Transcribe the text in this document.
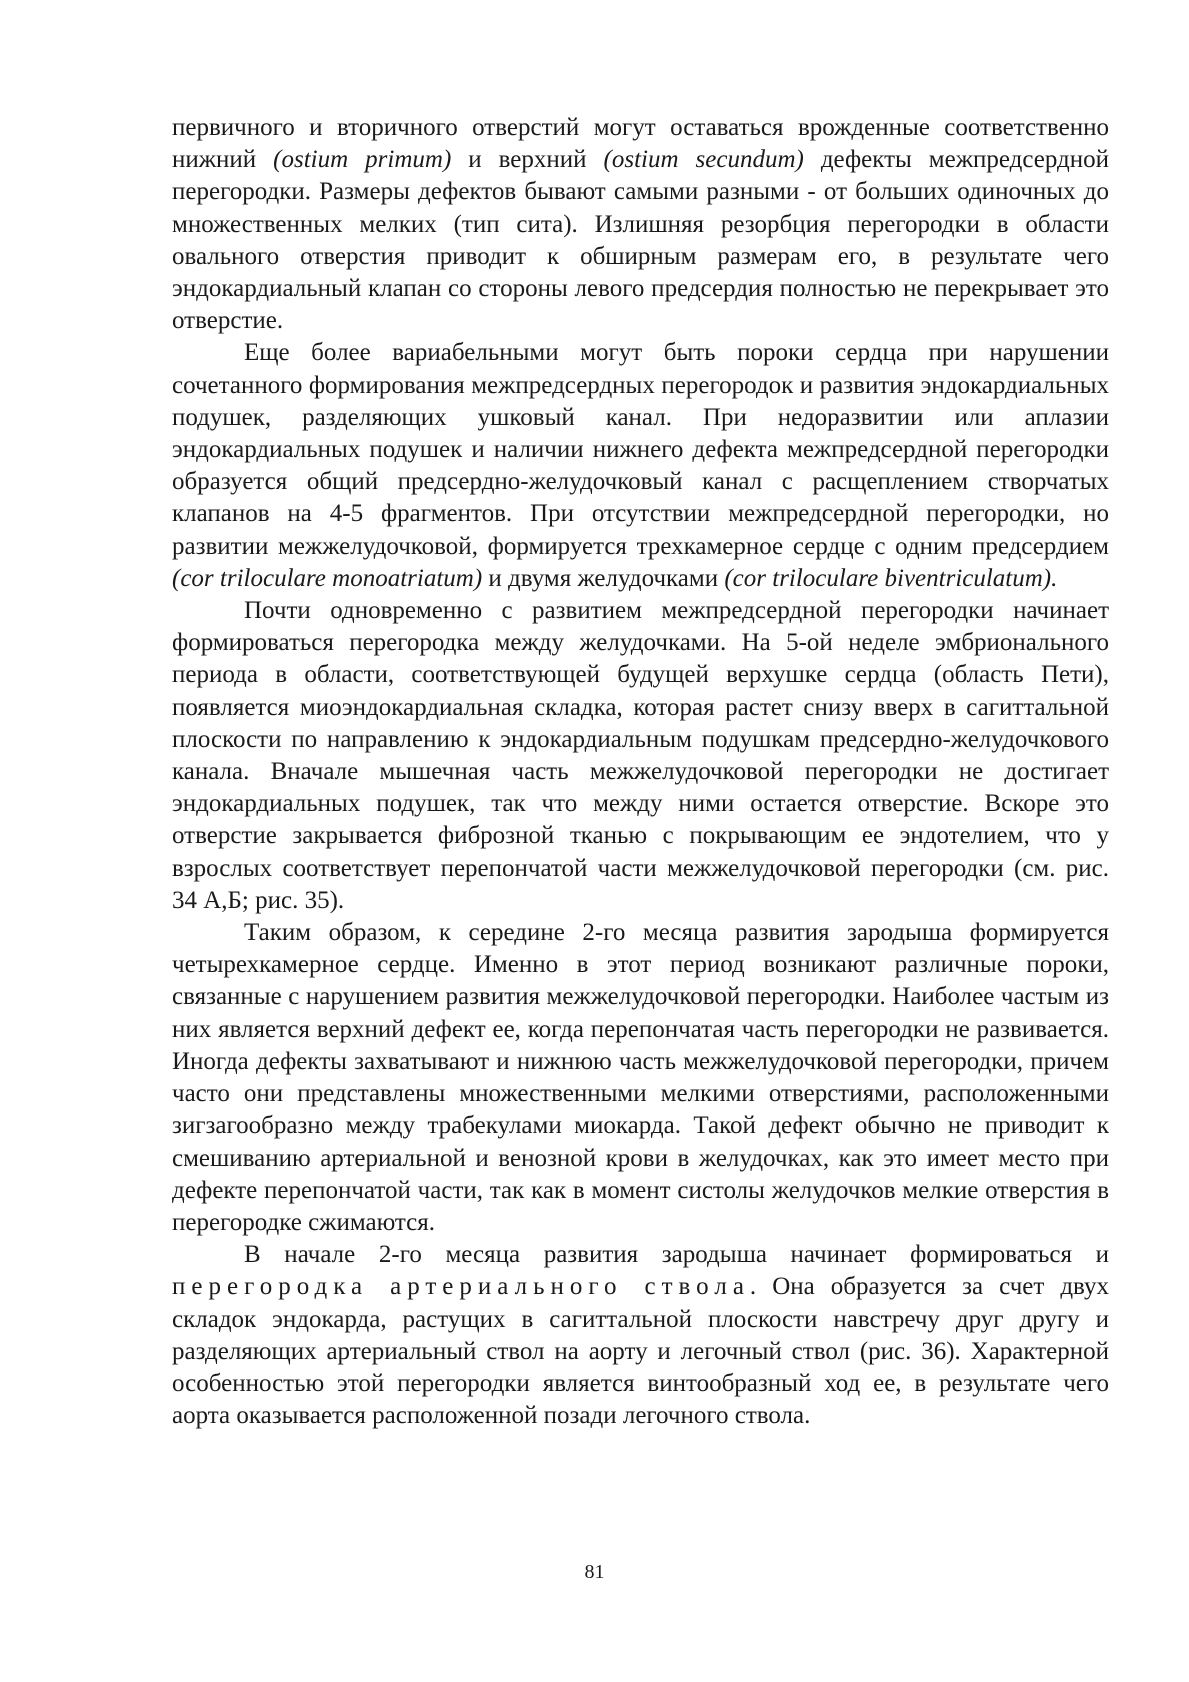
первичного и вторичного отверстий могут оставаться врожденные соответственно нижний (ostium primum) и верхний (ostium secundum) дефекты межпредсердной перегородки. Размеры дефектов бывают самыми разными - от больших одиночных до множественных мелких (тип сита). Излишняя резорбция перегородки в области овального отверстия приводит к обширным размерам его, в результате чего эндокардиальный клапан со стороны левого предсердия полностью не перекрывает это отверстие.

Еще более вариабельными могут быть пороки сердца при нарушении сочетанного формирования межпредсердных перегородок и развития эндокардиальных подушек, разделяющих ушковый канал. При недоразвитии или аплазии эндокардиальных подушек и наличии нижнего дефекта межпредсердной перегородки образуется общий предсердно-желудочковый канал с расщеплением створчатых клапанов на 4-5 фрагментов. При отсутствии межпредсердной перегородки, но развитии межжелудочковой, формируется трехкамерное сердце с одним предсердием (cor triloculare monoatriatum) и двумя желудочками (cor triloculare biventriculatum).

Почти одновременно с развитием межпредсердной перегородки начинает формироваться перегородка между желудочками. На 5-ой неделе эмбрионального периода в области, соответствующей будущей верхушке сердца (область Пети), появляется миоэндокардиальная складка, которая растет снизу вверх в сагиттальной плоскости по направлению к эндокардиальным подушкам предсердно-желудочкового канала. Вначале мышечная часть межжелудочковой перегородки не достигает эндокардиальных подушек, так что между ними остается отверстие. Вскоре это отверстие закрывается фиброзной тканью с покрывающим ее эндотелием, что у взрослых соответствует перепончатой части межжелудочковой перегородки (см. рис. 34 А,Б; рис. 35).

Таким образом, к середине 2-го месяца развития зародыша формируется четырехкамерное сердце. Именно в этот период возникают различные пороки, связанные с нарушением развития межжелудочковой перегородки. Наиболее частым из них является верхний дефект ее, когда перепончатая часть перегородки не развивается. Иногда дефекты захватывают и нижнюю часть межжелудочковой перегородки, причем часто они представлены множественными мелкими отверстиями, расположенными зигзагообразно между трабекулами миокарда. Такой дефект обычно не приводит к смешиванию артериальной и венозной крови в желудочках, как это имеет место при дефекте перепончатой части, так как в момент систолы желудочков мелкие отверстия в перегородке сжимаются.

В начале 2-го месяца развития зародыша начинает формироваться и перегородка артериального ствола. Она образуется за счет двух складок эндокарда, растущих в сагиттальной плоскости навстречу друг другу и разделяющих артериальный ствол на аорту и легочный ствол (рис. 36). Характерной особенностью этой перегородки является винтообразный ход ее, в результате чего аорта оказывается расположенной позади легочного ствола.

81
